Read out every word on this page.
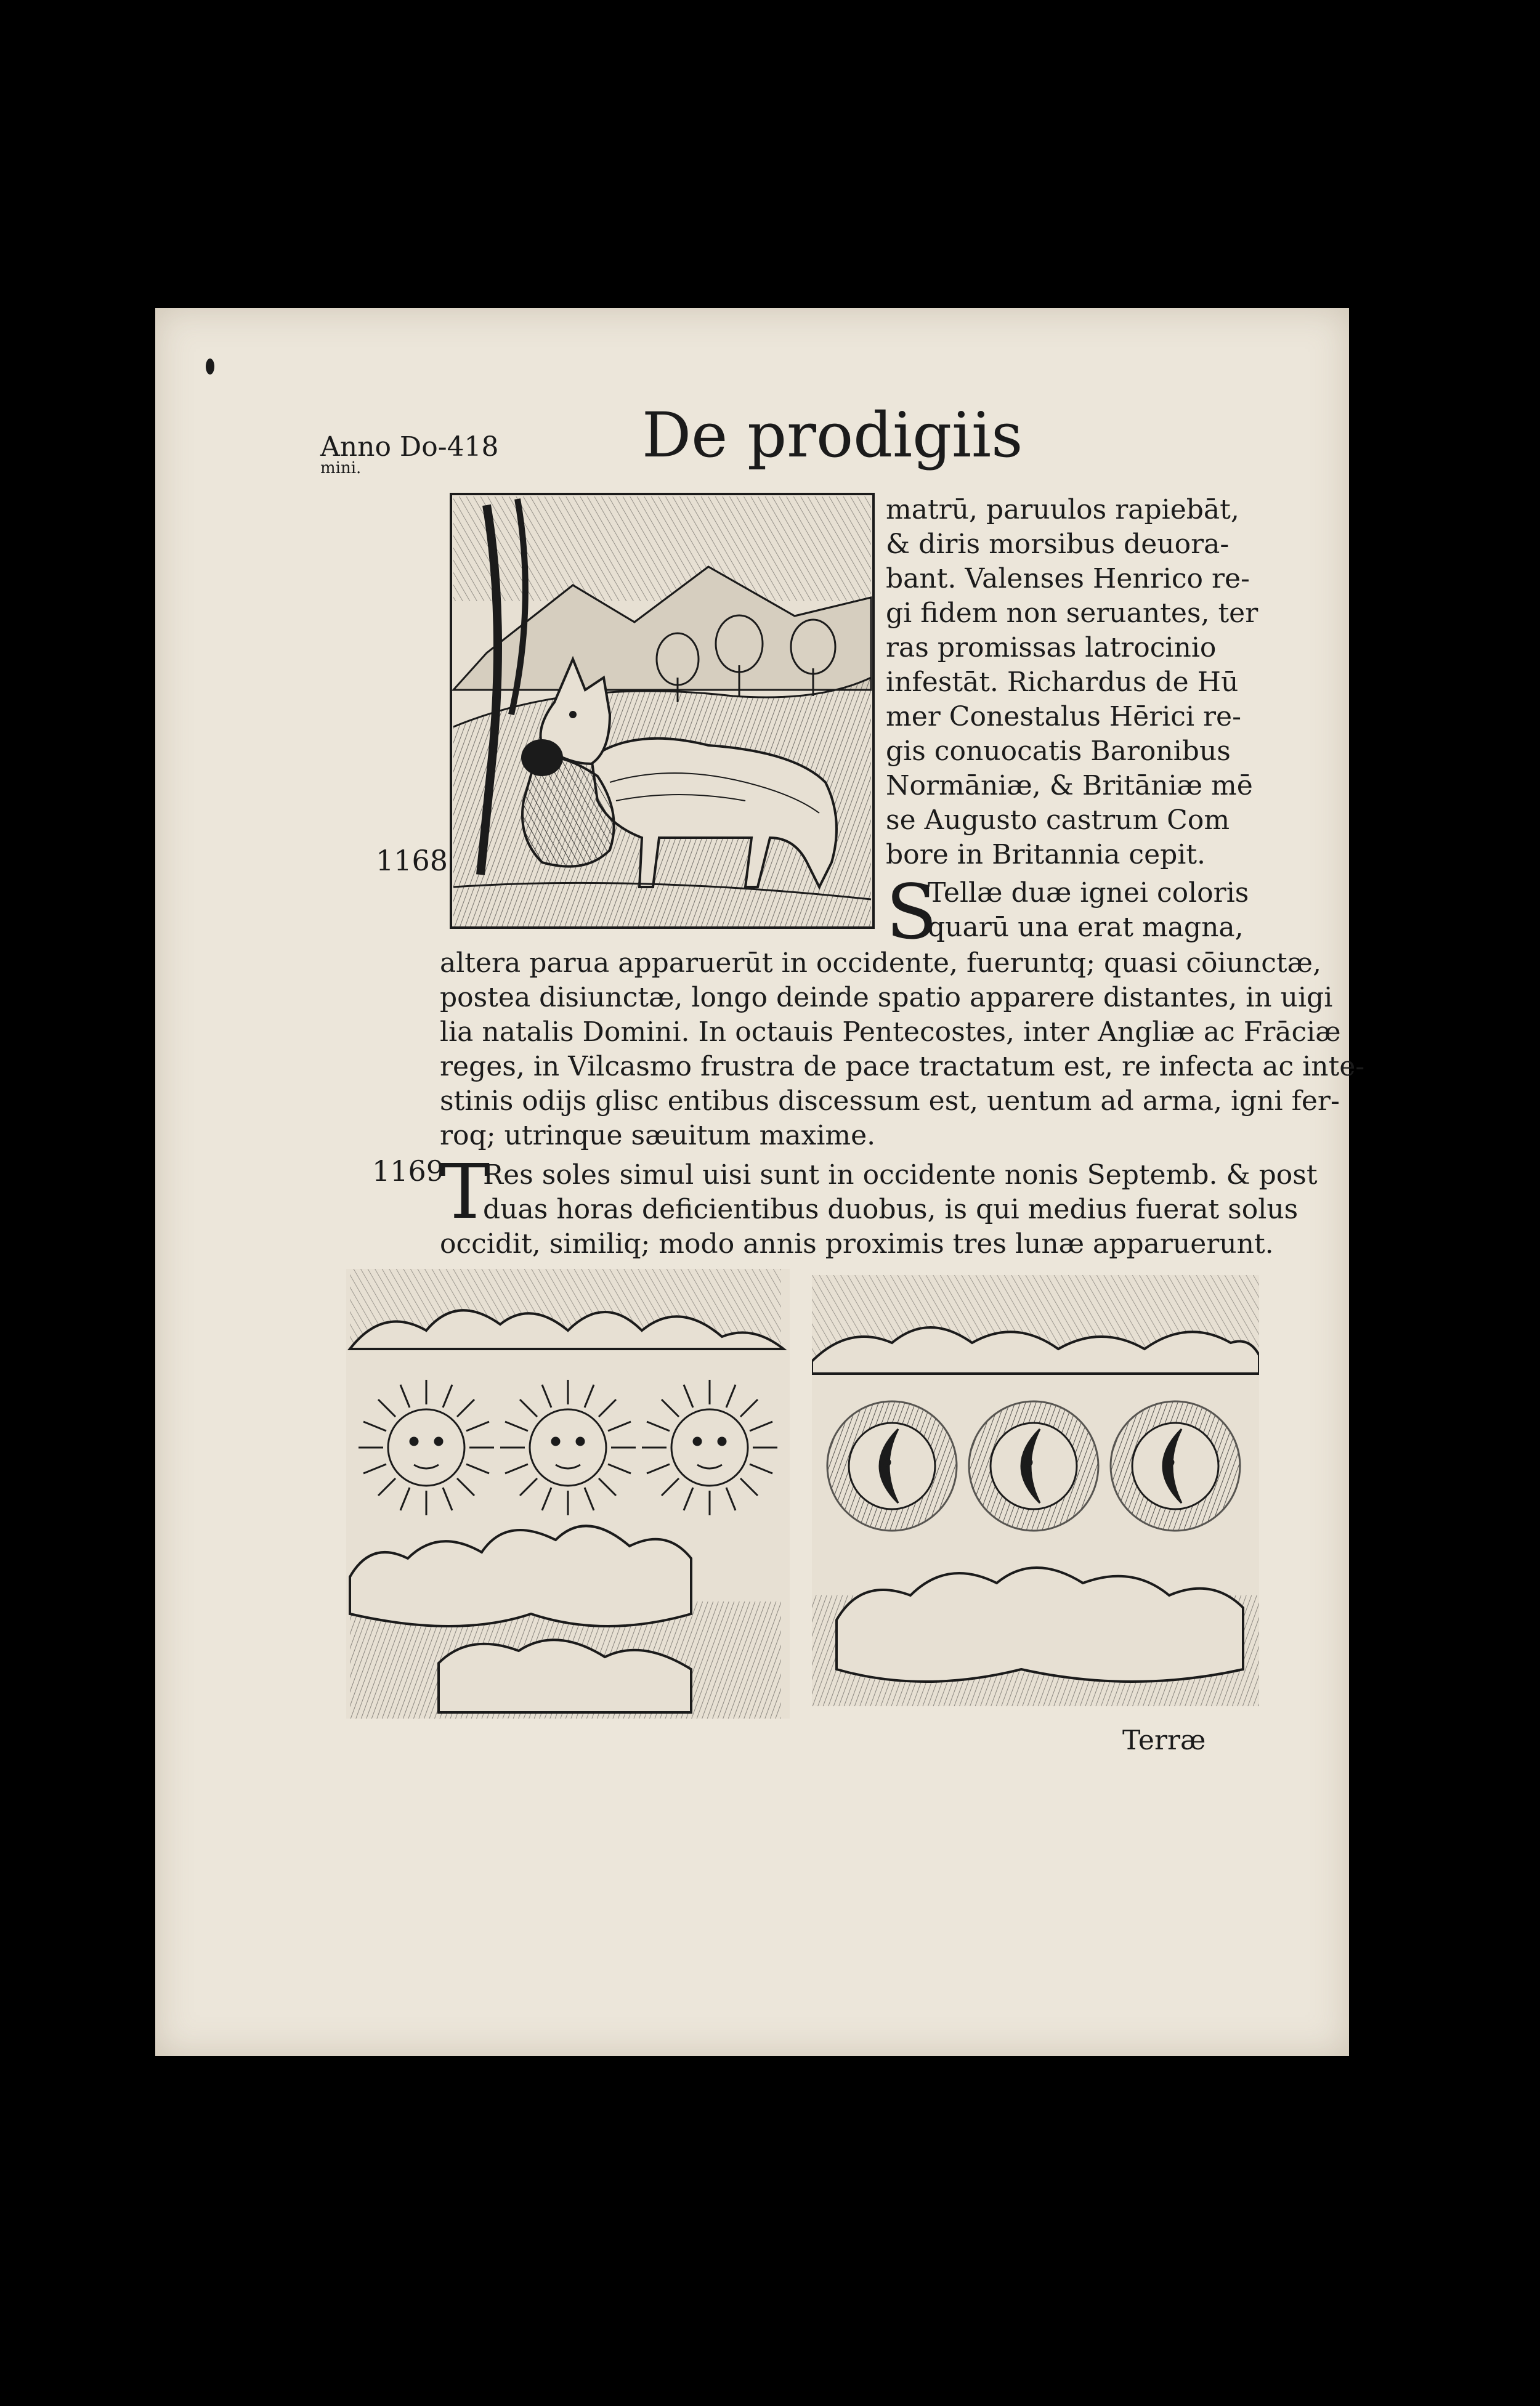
Anno Do-418
mini.	De prodigiis
matrū, paruulos rapiebāt,
& diris morsibus deuora-
bant. Valenses Henrico re-
gi fidem non seruantes, ter
ras promissas latrocinio
infestāt. Richardus de Hū
mer Conestalus Hērici re-
gis conuocatis Baronibus
Normāniæ, & Britāniæ mē
se Augusto castrum Com
bore in Britannia cepit.
1168
S
Tellæ duæ ignei coloris
quarū una erat magna,
altera parua apparuerūt in occidente, fueruntq; quasi cōiunctæ,
postea disiunctæ, longo deinde spatio apparere distantes, in uigi
lia natalis Domini. In octauis Pentecostes, inter Angliæ ac Frāciæ
reges, in Vilcasmo frustra de pace tractatum est, re infecta ac inte-
stinis odijs glisc entibus discessum est, uentum ad arma, igni fer-
roq; utrinque sæuitum maxime.
1169
T
Res soles simul uisi sunt in occidente nonis Septemb. & post
duas horas deficientibus duobus, is qui medius fuerat solus
occidit, similiq; modo annis proximis tres lunæ apparuerunt.
Terræ
